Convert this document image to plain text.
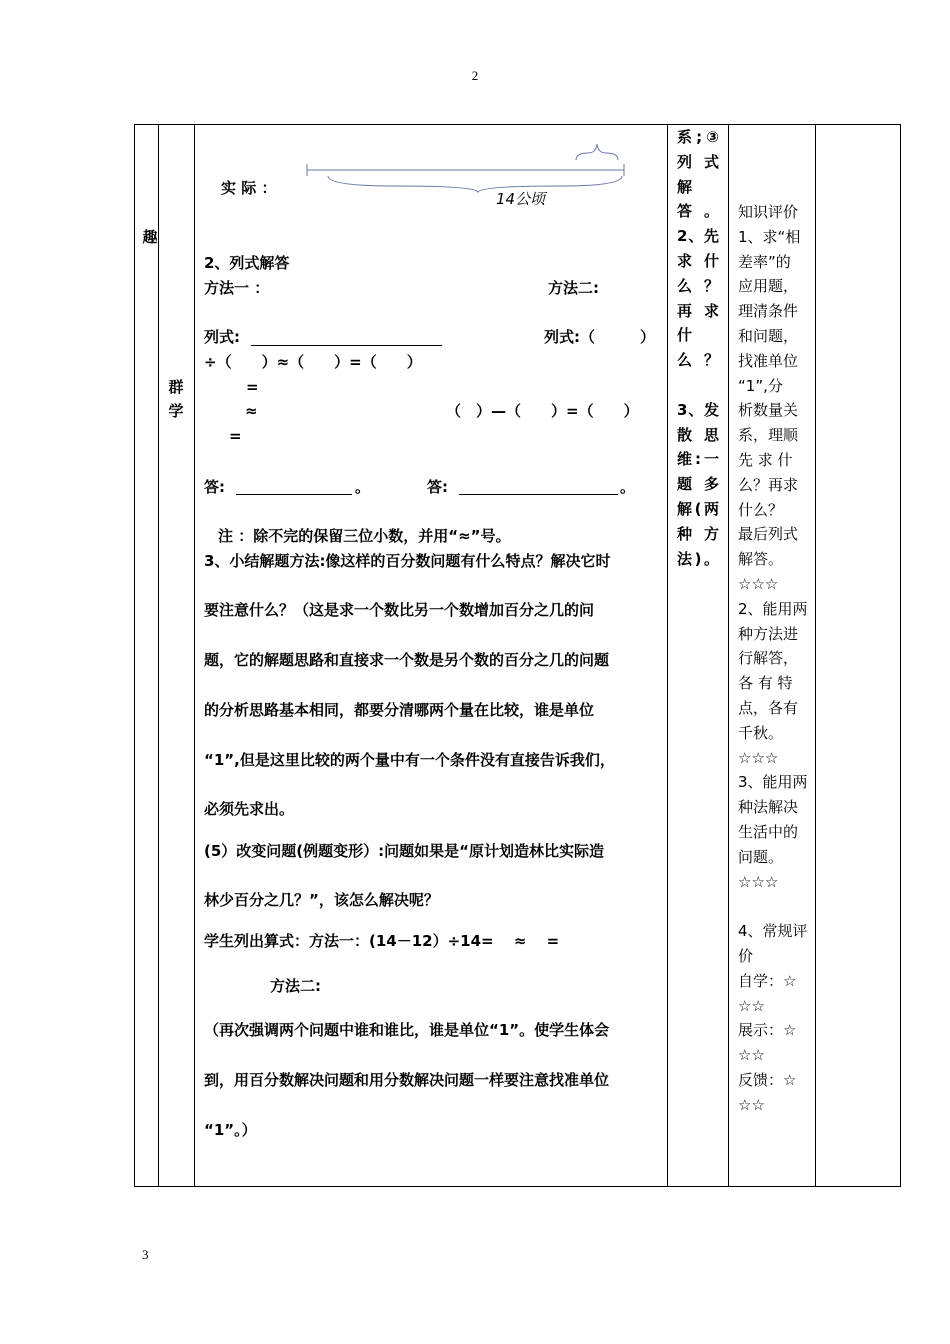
2
趣
群
学
实 际 ：
14公顷
2、列式解答
方法一 ：	方法二:
列式:	列式:（　　　）
÷（　　）≈（　　）=（　　）
=
≈	（　）—（　　）=（　　）
=
答:	。	答:	。
注 ：除不完的保留三位小数，并用“≈”号。
3、小结解题方法:像这样的百分数问题有什么特点？解决它时
要注意什么？（这是求一个数比另一个数增加百分之几的问
题，它的解题思路和直接求一个数是另个数的百分之几的问题
的分析思路基本相同，都要分清哪两个量在比较，谁是单位
“1”,但是这里比较的两个量中有一个条件没有直接告诉我们，
必须先求出。
(5）改变问题(例题变形）:问题如果是“原计划造林比实际造
林少百分之几？”，该怎么解决呢？
学生列出算式：方法一：(14－12）÷14=　 ≈　 =
方法二:
（再次强调两个问题中谁和谁比，谁是单位“1”。使学生体会
到，用百分数解决问题和用分数解决问题一样要注意找准单位
“1”。）
系;③
列式
解答。
2、先
求什
么？
再求
什
么？
3、发
散思
维:一
题多
解(两
种方
法)。
知识评价
1、求“相
差率”的
应用题，
理清条件
和问题，
找准单位
“1”,分
析数量关
系，理顺
先 求 什
么？再求
什么？
最后列式
解答。
☆☆☆
2、能用两
种方法进
行解答，
各 有 特
点，各有
千秋。
☆☆☆
3、能用两
种法解决
生活中的
问题。
☆☆☆
4、常规评
价
自学：☆
☆☆
展示：☆
☆☆
反馈：☆
☆☆
3
